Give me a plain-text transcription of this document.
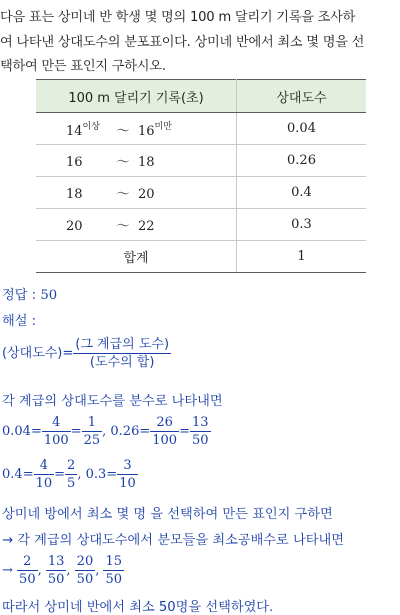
다음 표는 상미네 반 학생 몇 명의 100 m 달리기 기록을 조사하
여 나타낸 상대도수의 분포표이다. 상미네 반에서 최소 몇 명을 선
택하여 만든 표인지 구하시오.
100 m 달리기 기록(초)	상대도수
$14^{이상}$ ～ $16^{미만}$	0.04
16 ～ 18	0.26
18 ～ 20	0.4
20 ～ 22	0.3
합계	1
정답 : 50
해설 :
(상대도수)= $\frac{\text{(그 계급의 도수)}}{\text{(도수의 합)}}$
각 계급의 상대도수를 분수로 나타내면
$0.04= \frac{4}{100} = \frac{1}{25}$ , $0.26= \frac{26}{100} = \frac{13}{50}$
$0.4= \frac{4}{10} = \frac{2}{5}$ , $0.3= \frac{3}{10}$
상미네 방에서 최소 몇 명 을 선택하여 만든 표인지 구하면
→ 각 계급의 상대도수에서 분모들을 최소공배수로 나타내면
→ $\frac{2}{50}$ , $\frac{13}{50}$ , $\frac{20}{50}$ , $\frac{15}{50}$
따라서 상미네 반에서 최소 50명을 선택하였다.
